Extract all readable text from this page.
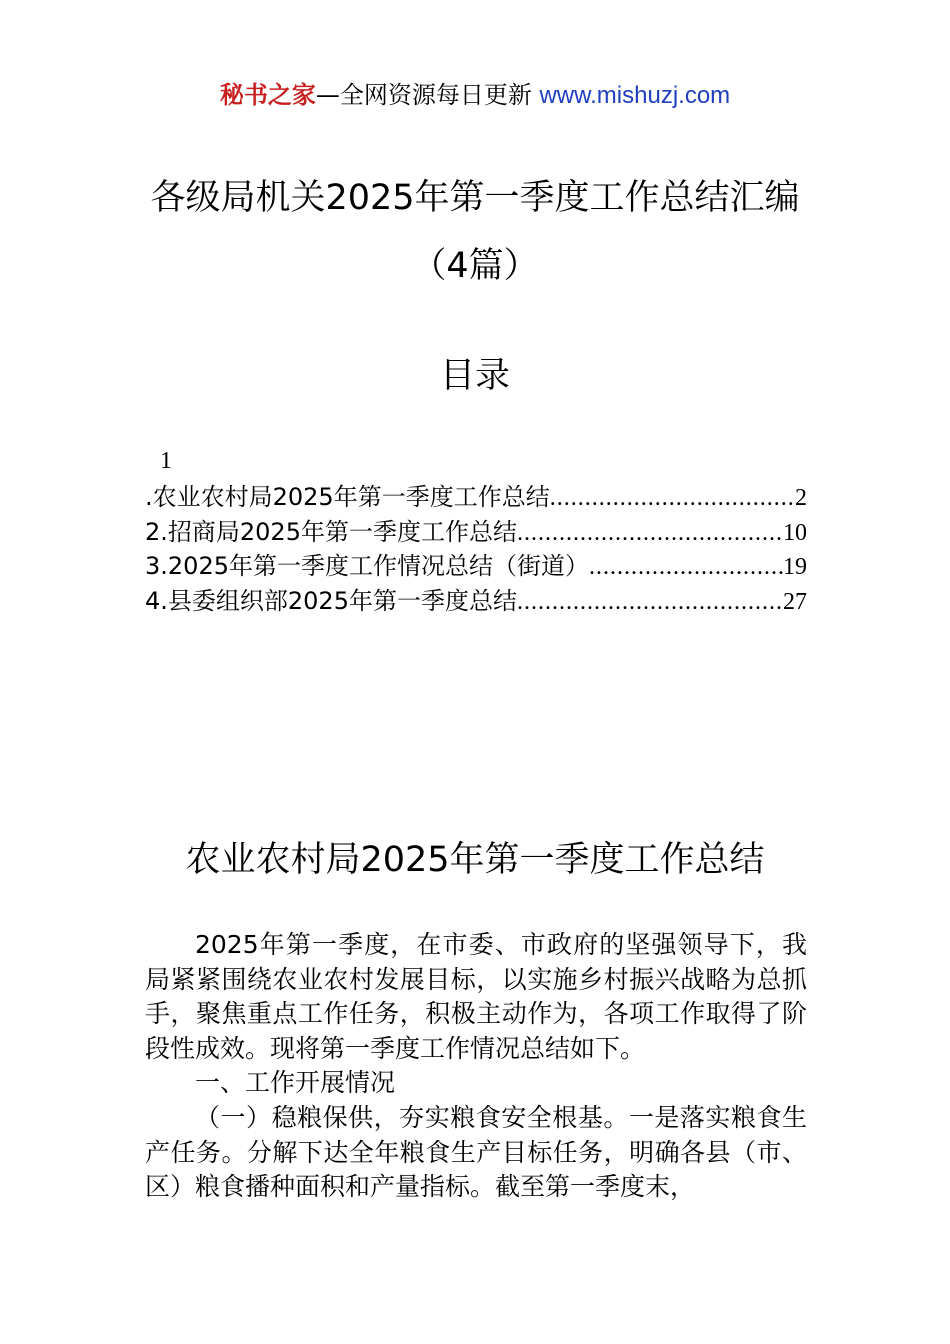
秘书之家—全网资源每日更新 www.mishuzj.com
各级局机关2025年第一季度工作总结汇编
（4篇）
目录
1
.农业农村局2025年第一季度工作总结 .....	2
2.招商局2025年第一季度工作总结 .....	10
3.2025年第一季度工作情况总结（街道） .....	19
4.县委组织部2025年第一季度总结 .....	27
农业农村局2025年第一季度工作总结

2025年第一季度，在市委、市政府的坚强领导下，我局紧紧围绕农业农村发展目标，以实施乡村振兴战略为总抓手，聚焦重点工作任务，积极主动作为，各项工作取得了阶段性成效。现将第一季度工作情况总结如下。

一、工作开展情况

（一）稳粮保供，夯实粮食安全根基。一是落实粮食生产任务。分解下达全年粮食生产目标任务，明确各县（市、区）粮食播种面积和产量指标。截至第一季度末，
